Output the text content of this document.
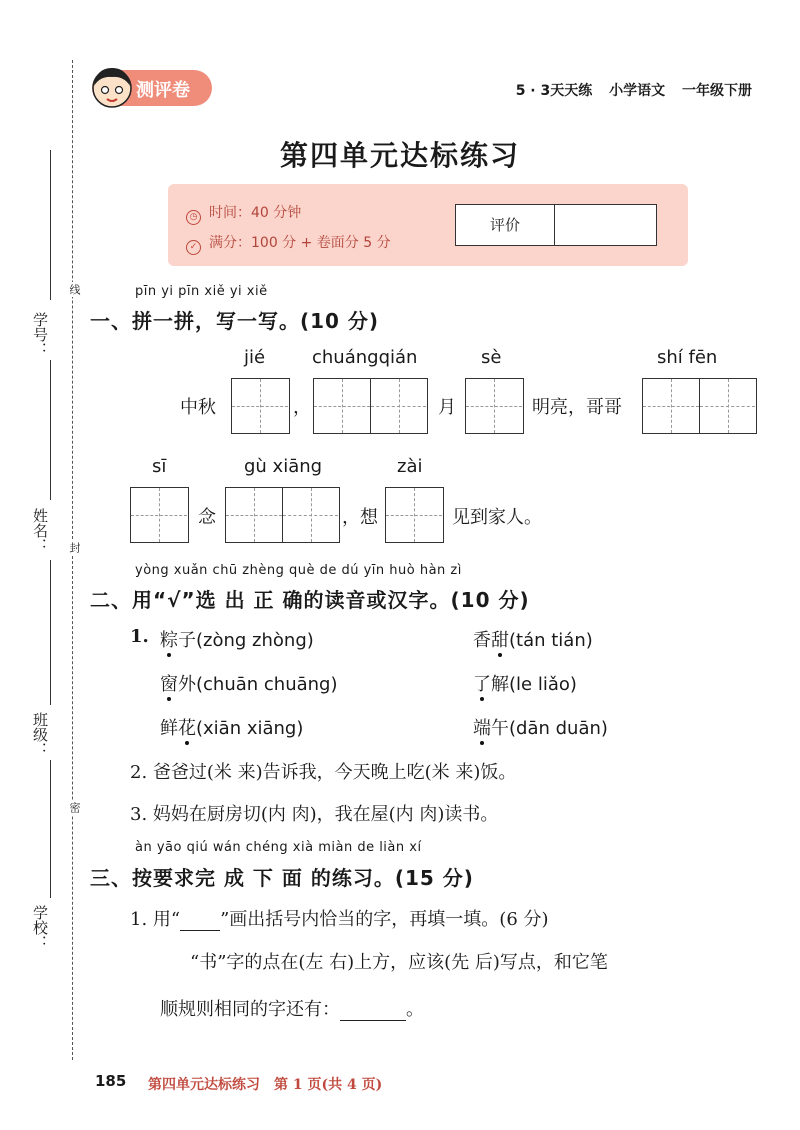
线
封
密
学号：
姓名：
班级：
学校：
测评卷	5 · 3天天练 小学语文 一年级下册
第四单元达标练习
◷ 时间：40 分钟
✓ 满分：100 分 + 卷面分 5 分
评价
pīn yi pīn xiě yi xiě
一、拼一拼，写一写。(10 分)
jié	chuángqián	sè	shí fēn
中秋	，	月	明亮，哥哥
sī	gù xiāng	zài
念	，想	见到家人。
yòng xuǎn chū zhèng què de dú yīn huò hàn zì
二、用“√”选 出 正 确的读音或汉字。(10 分)
1. 粽子(zòng zhòng)	香甜(tán tián)
窗外(chuān chuāng)	了解(le liǎo)
鲜花(xiān xiāng)	端午(dān duān)
2. 爸爸过(米 来)告诉我，今天晚上吃(米 来)饭。
3. 妈妈在厨房切(内 肉)，我在屋(内 肉)读书。
àn yāo qiú wán chéng xià miàn de liàn xí
三、按要求完 成 下 面 的练习。(15 分)
1. 用“ ”画出括号内恰当的字，再填一填。(6 分)
“书”字的点在(左 右)上方，应该(先 后)写点，和它笔
顺规则相同的字还有：	。
185 第四单元达标练习 第 1 页(共 4 页)
